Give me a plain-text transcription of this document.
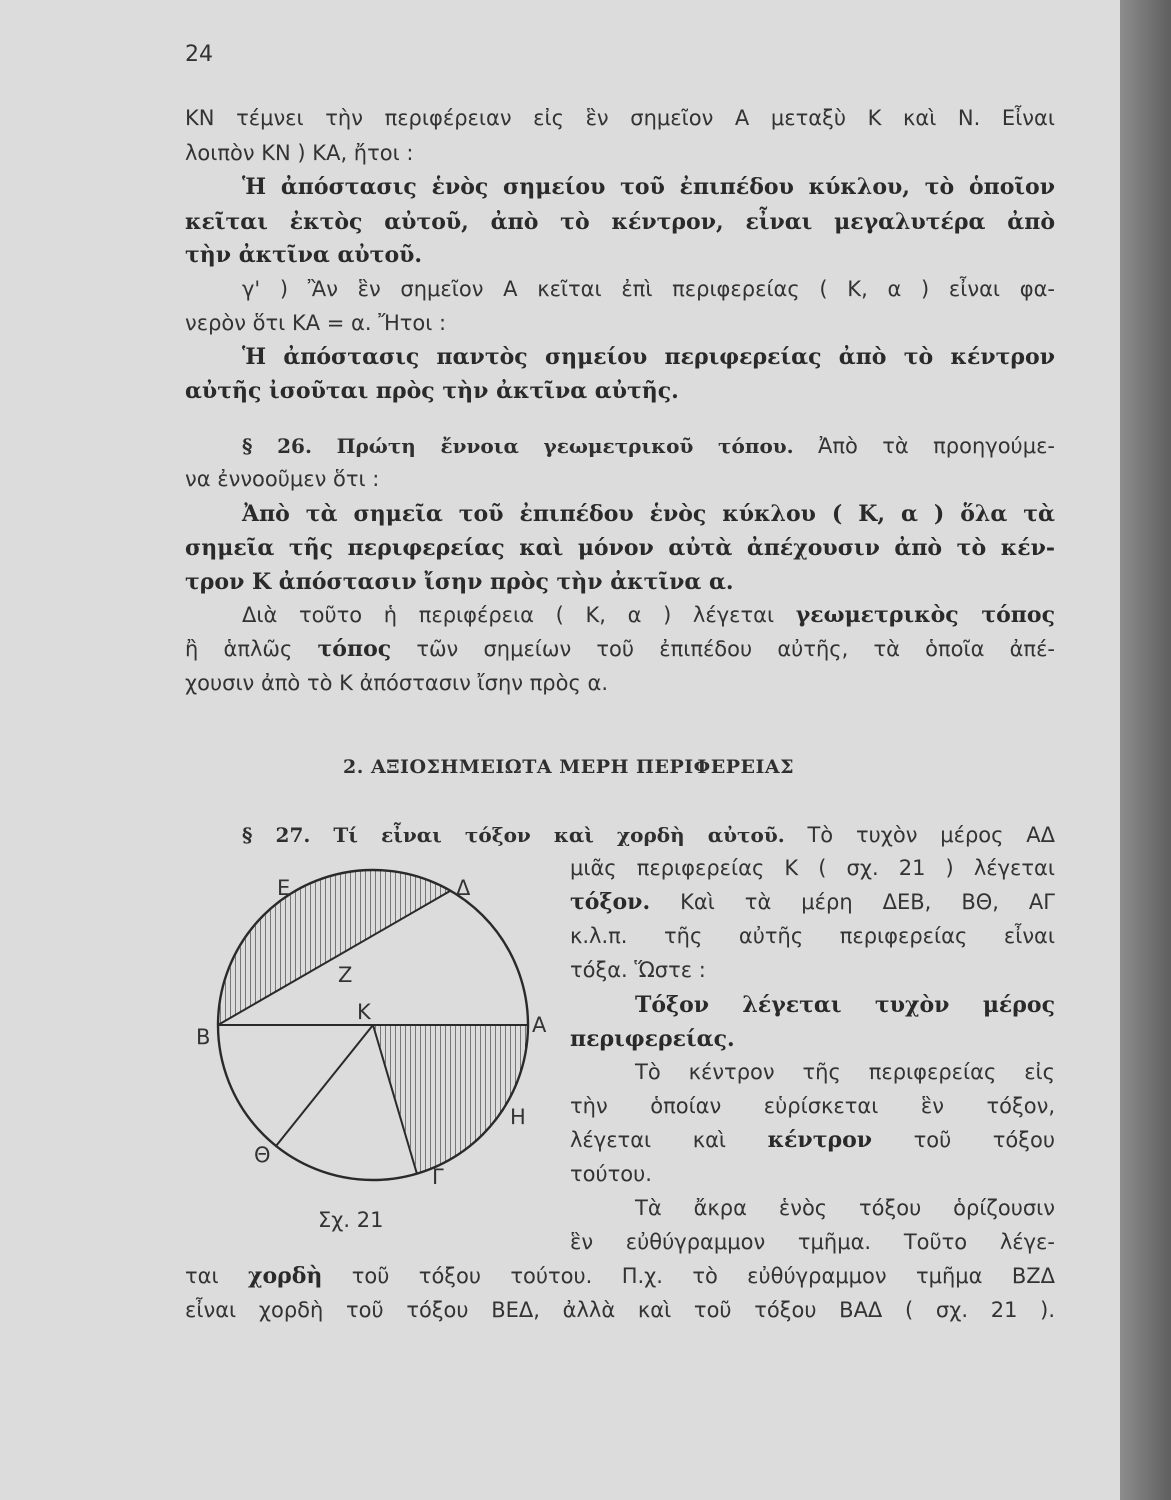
24
ΚΝ τέμνει τὴν περιφέρειαν εἰς ἓν σημεῖον Α μεταξὺ Κ καὶ Ν. Εἶναι
λοιπὸν ΚΝ ) ΚΑ, ἤτοι :
Ἡ ἀπόστασις ἑνὸς σημείου τοῦ ἐπιπέδου κύκλου, τὸ ὁποῖον
κεῖται ἐκτὸς αὐτοῦ, ἀπὸ τὸ κέντρον, εἶναι μεγαλυτέρα ἀπὸ
τὴν ἀκτῖνα αὐτοῦ.
γ' ) Ἂν ἓν σημεῖον Α κεῖται ἐπὶ περιφερείας ( Κ, α ) εἶναι φα-
νερὸν ὅτι ΚΑ = α. Ἤτοι :
Ἡ ἀπόστασις παντὸς σημείου περιφερείας ἀπὸ τὸ κέντρον
αὐτῆς ἰσοῦται πρὸς τὴν ἀκτῖνα αὐτῆς.
§ 26. Πρώτη ἔννοια γεωμετρικοῦ τόπου. Ἀπὸ τὰ προηγούμε-
να ἐννοοῦμεν ὅτι :
Ἀπὸ τὰ σημεῖα τοῦ ἐπιπέδου ἑνὸς κύκλου ( Κ, α ) ὅλα τὰ
σημεῖα τῆς περιφερείας καὶ μόνον αὐτὰ ἀπέχουσιν ἀπὸ τὸ κέν-
τρον Κ ἀπόστασιν ἴσην πρὸς τὴν ἀκτῖνα α.
Διὰ τοῦτο ἡ περιφέρεια ( Κ, α ) λέγεται γεωμετρικὸς τόπος
ἢ ἁπλῶς τόπος τῶν σημείων τοῦ ἐπιπέδου αὐτῆς, τὰ ὁποῖα ἀπέ-
χουσιν ἀπὸ τὸ Κ ἀπόστασιν ἴσην πρὸς α.
2. ΑΞΙΟΣΗΜΕΙΩΤΑ ΜΕΡΗ ΠΕΡΙΦΕΡΕΙΑΣ
§ 27. Τί εἶναι τόξον καὶ χορδὴ αὐτοῦ. Τὸ τυχὸν μέρος ΑΔ
μιᾶς περιφερείας Κ ( σχ. 21 ) λέγεται
τόξον. Καὶ τὰ μέρη ΔΕΒ, ΒΘ, ΑΓ
κ.λ.π. τῆς αὐτῆς περιφερείας εἶναι
τόξα. Ὥστε :
Τόξον λέγεται τυχὸν μέρος
περιφερείας.
Τὸ κέντρον τῆς περιφερείας εἰς
τὴν ὁποίαν εὑρίσκεται ἓν τόξον,
λέγεται καὶ κέντρον τοῦ τόξου
τούτου.
Τὰ ἄκρα ἑνὸς τόξου ὁρίζουσιν
ἓν εὐθύγραμμον τμῆμα. Τοῦτο λέγε-
ται χορδὴ τοῦ τόξου τούτου. Π.χ. τὸ εὐθύγραμμον τμῆμα ΒΖΔ
εἶναι χορδὴ τοῦ τόξου ΒΕΔ, ἀλλὰ καὶ τοῦ τόξου ΒΑΔ ( σχ. 21 ).
Ε	Δ
Ζ
Κ
Β	Α
Η
Θ
Γ
Σχ. 21
